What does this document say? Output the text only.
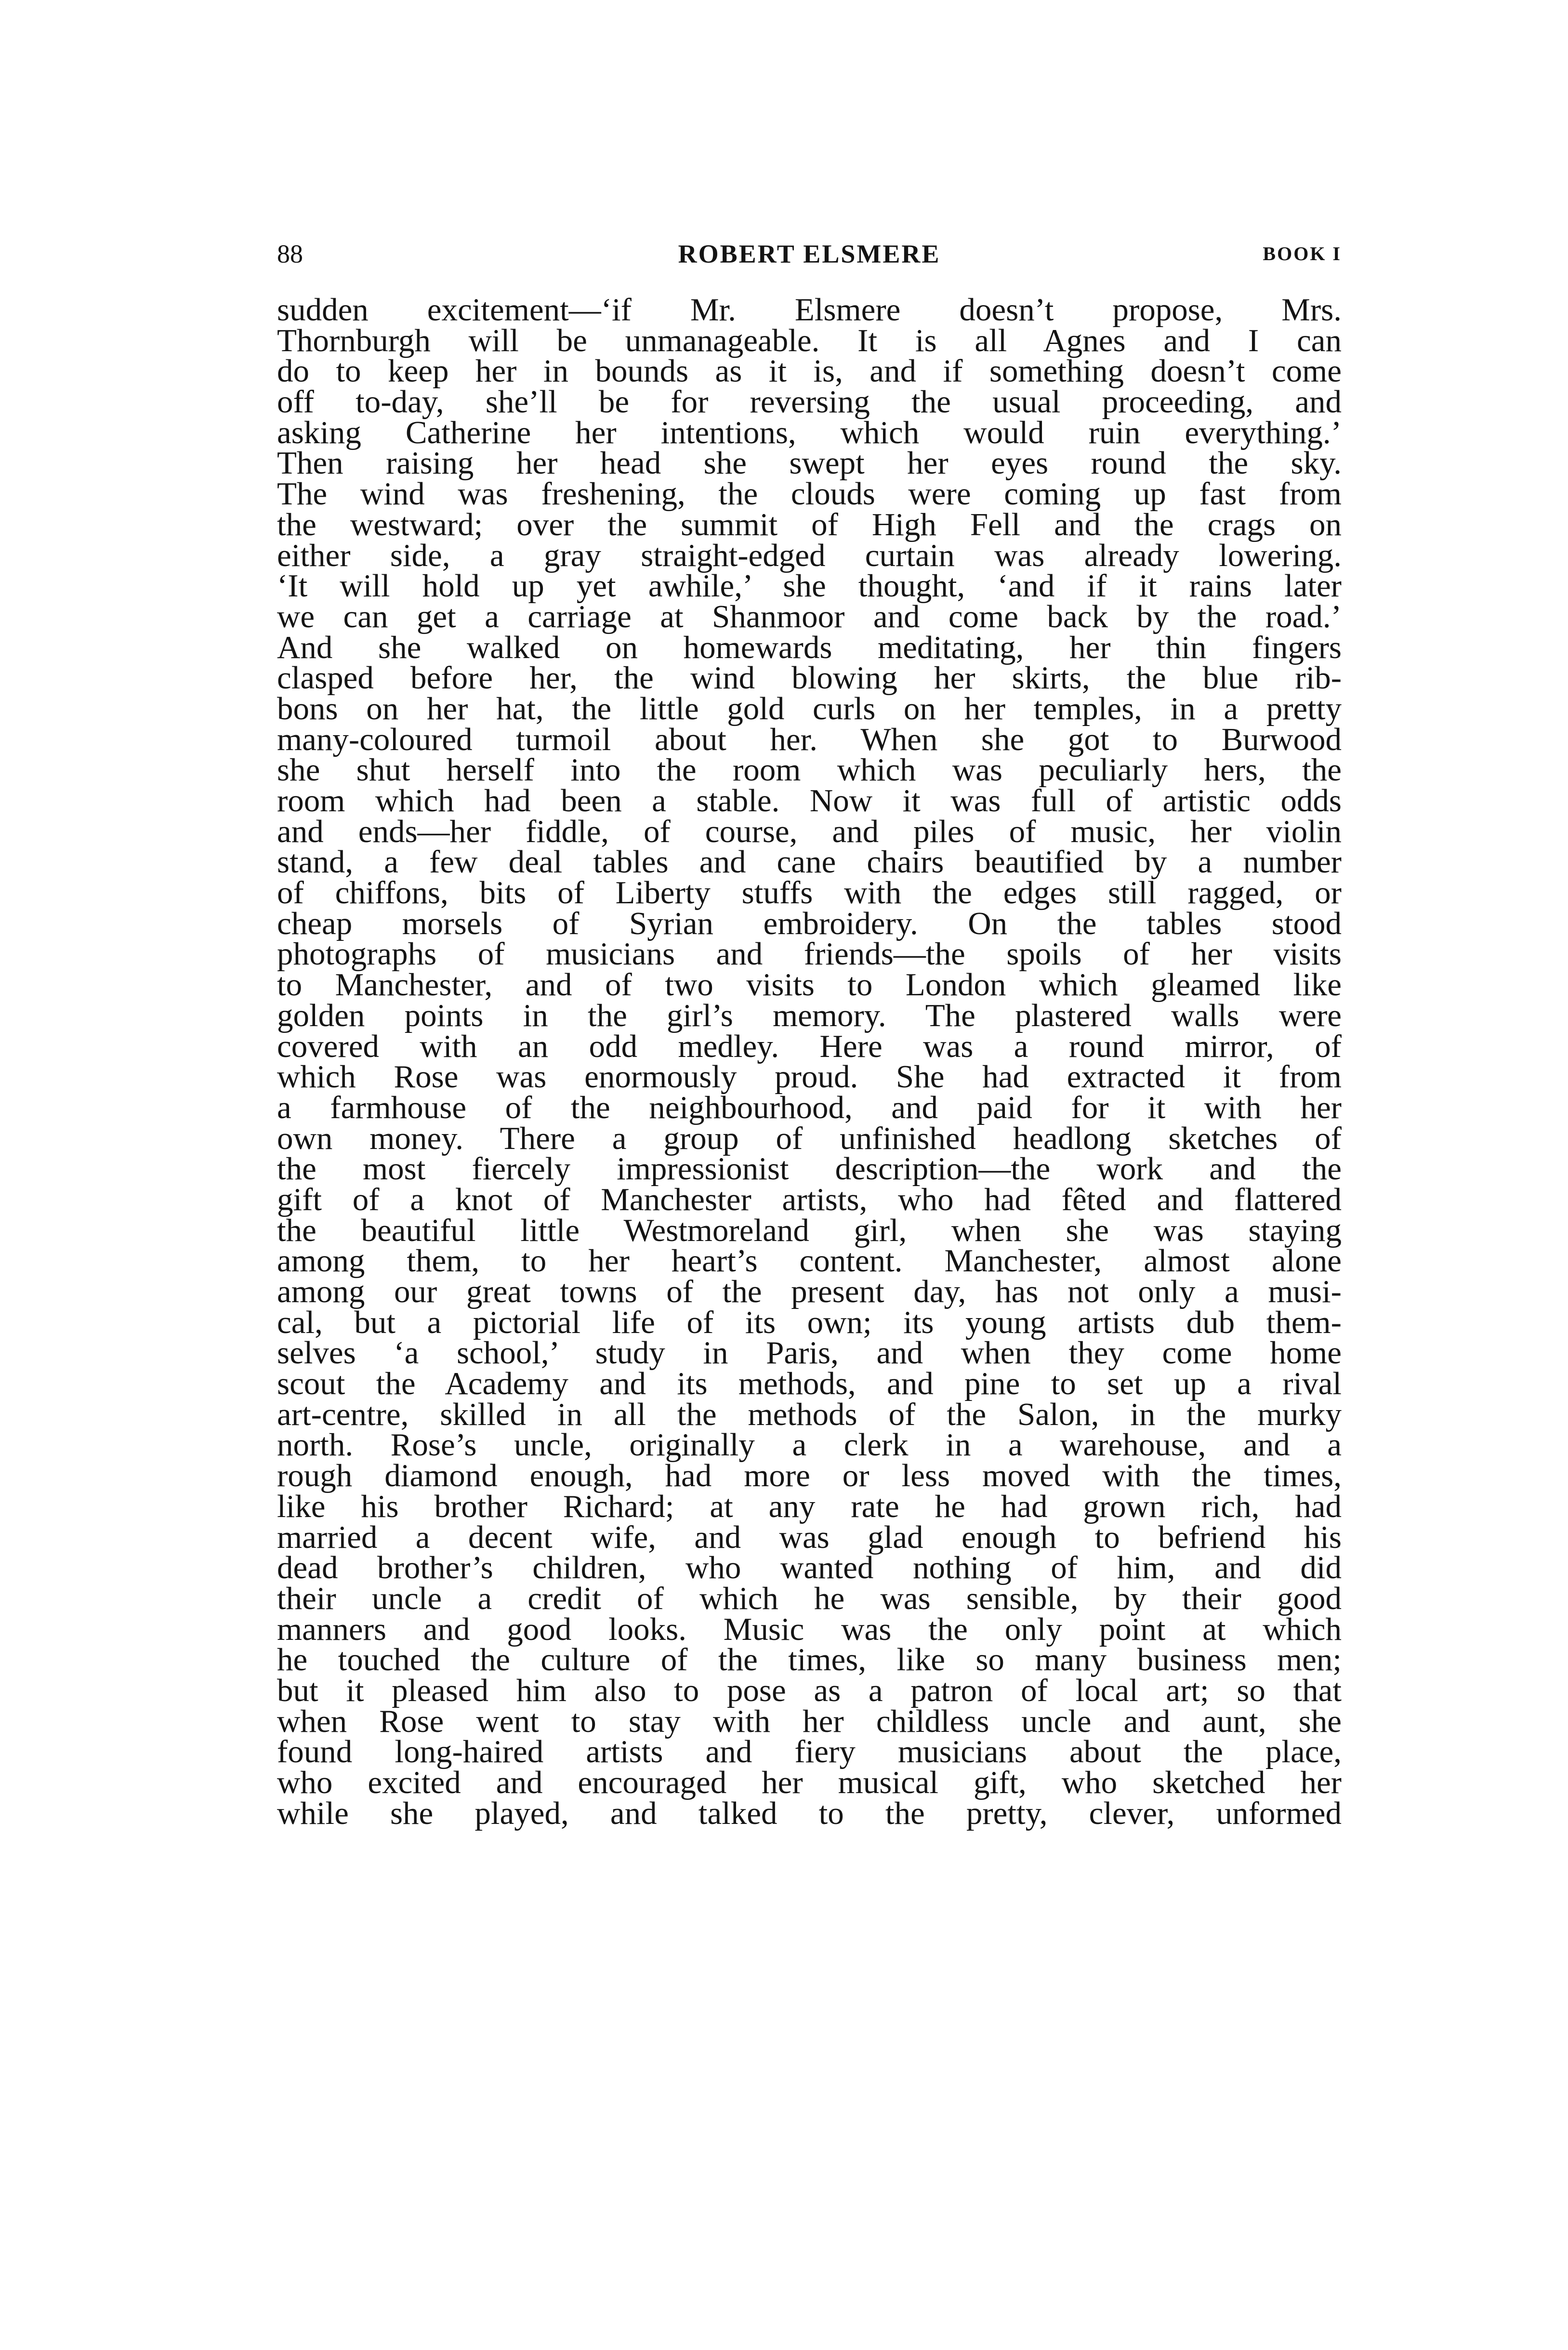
88	ROBERT ELSMERE	BOOK I
sudden excitement—‘if Mr. Elsmere doesn’t propose, Mrs.
Thornburgh will be unmanageable. It is all Agnes and I can
do to keep her in bounds as it is, and if something doesn’t come
off to-day, she’ll be for reversing the usual proceeding, and
asking Catherine her intentions, which would ruin everything.’
Then raising her head she swept her eyes round the sky.
The wind was freshening, the clouds were coming up fast from
the westward; over the summit of High Fell and the crags on
either side, a gray straight-edged curtain was already lowering.
‘It will hold up yet awhile,’ she thought, ‘and if it rains later
we can get a carriage at Shanmoor and come back by the road.’
And she walked on homewards meditating, her thin fingers
clasped before her, the wind blowing her skirts, the blue rib-
bons on her hat, the little gold curls on her temples, in a pretty
many-coloured turmoil about her. When she got to Burwood
she shut herself into the room which was peculiarly hers, the
room which had been a stable. Now it was full of artistic odds
and ends—her fiddle, of course, and piles of music, her violin
stand, a few deal tables and cane chairs beautified by a number
of chiffons, bits of Liberty stuffs with the edges still ragged, or
cheap morsels of Syrian embroidery. On the tables stood
photographs of musicians and friends—the spoils of her visits
to Manchester, and of two visits to London which gleamed like
golden points in the girl’s memory. The plastered walls were
covered with an odd medley. Here was a round mirror, of
which Rose was enormously proud. She had extracted it from
a farmhouse of the neighbourhood, and paid for it with her
own money. There a group of unfinished headlong sketches of
the most fiercely impressionist description—the work and the
gift of a knot of Manchester artists, who had fêted and flattered
the beautiful little Westmoreland girl, when she was staying
among them, to her heart’s content. Manchester, almost alone
among our great towns of the present day, has not only a musi-
cal, but a pictorial life of its own; its young artists dub them-
selves ‘a school,’ study in Paris, and when they come home
scout the Academy and its methods, and pine to set up a rival
art-centre, skilled in all the methods of the Salon, in the murky
north. Rose’s uncle, originally a clerk in a warehouse, and a
rough diamond enough, had more or less moved with the times,
like his brother Richard; at any rate he had grown rich, had
married a decent wife, and was glad enough to befriend his
dead brother’s children, who wanted nothing of him, and did
their uncle a credit of which he was sensible, by their good
manners and good looks. Music was the only point at which
he touched the culture of the times, like so many business men;
but it pleased him also to pose as a patron of local art; so that
when Rose went to stay with her childless uncle and aunt, she
found long-haired artists and fiery musicians about the place,
who excited and encouraged her musical gift, who sketched her
while she played, and talked to the pretty, clever, unformed
